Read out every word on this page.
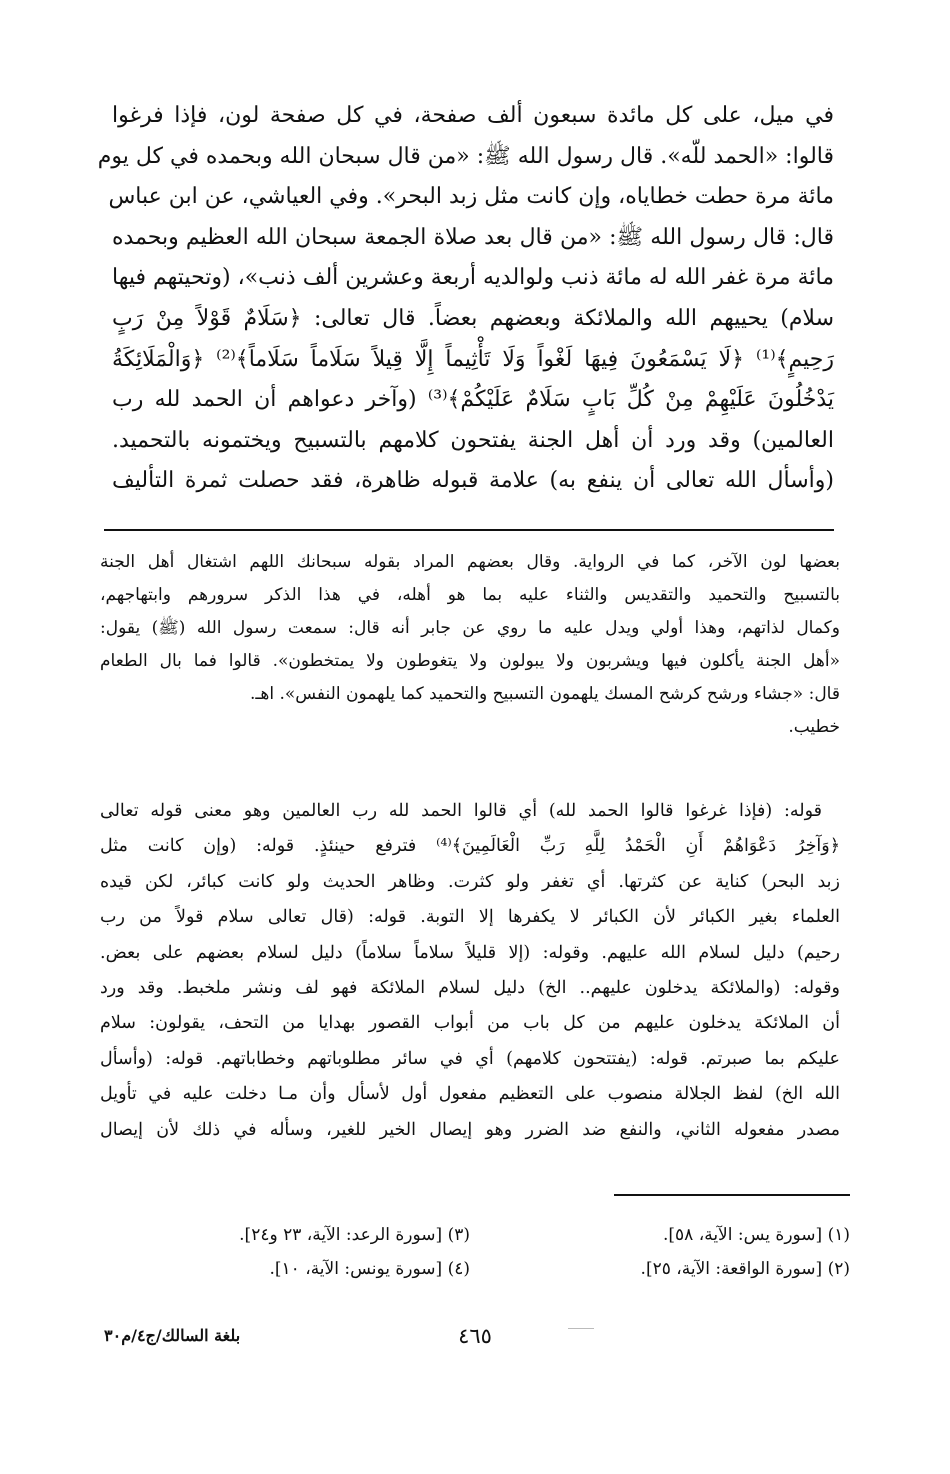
في ميل، على كل مائدة سبعون ألف صفحة، في كل صفحة لون، فإذا فرغوا
قالوا: «الحمد للّه». قال رسول الله ﷺ: «من قال سبحان الله وبحمده في كل يوم
مائة مرة حطت خطاياه، وإن كانت مثل زبد البحر». وفي العياشي، عن ابن عباس
قال: قال رسول الله ﷺ: «من قال بعد صلاة الجمعة سبحان الله العظيم وبحمده
مائة مرة غفر الله له مائة ذنب ولوالديه أربعة وعشرين ألف ذنب»، (وتحيتهم فيها
سلام) يحييهم الله والملائكة وبعضهم بعضاً. قال تعالى: ﴿سَلَامٌ قَوْلاً مِنْ رَبٍ
رَحِيمٍ﴾⁽¹⁾ ﴿لَا يَسْمَعُونَ فِيهَا لَغْواً وَلَا تَأْثِيماً إِلَّا قِيلاً سَلَاماً سَلَاماً﴾⁽²⁾ ﴿وَالْمَلَائِكَةُ
يَدْخُلُونَ عَلَيْهِمْ مِنْ كُلِّ بَابٍ سَلَامٌ عَلَيْكُمْ﴾⁽³⁾ (وآخر دعواهم أن الحمد لله رب
العالمين) وقد ورد أن أهل الجنة يفتحون كلامهم بالتسبيح ويختمونه بالتحميد.
(وأسأل الله تعالى أن ينفع به) علامة قبوله ظاهرة، فقد حصلت ثمرة التأليف
بعضها لون الآخر، كما في الرواية. وقال بعضهم المراد بقوله سبحانك اللهم اشتغال أهل الجنة
بالتسبيح والتحميد والتقديس والثناء عليه بما هو أهله، في هذا الذكر سرورهم وابتهاجهم،
وكمال لذاتهم، وهذا أولي ويدل عليه ما روي عن جابر أنه قال: سمعت رسول الله (ﷺ) يقول:
«أهل الجنة يأكلون فيها ويشربون ولا يبولون ولا يتغوطون ولا يمتخطون». قالوا فما بال الطعام
قال: «جشاء ورشح كرشح المسك يلهمون التسبيح والتحميد كما يلهمون النفس». اهـ.
خطيب.
قوله: (فإذا غرغوا قالوا الحمد لله) أي قالوا الحمد لله رب العالمين وهو معنى قوله تعالى
﴿وَآخِرُ دَعْوَاهُمْ أَنِ الْحَمْدُ لِلَّهِ رَبِّ الْعَالَمِينَ﴾⁽⁴⁾ فترفع حينئذٍ. قوله: (وإن كانت مثل
زبد البحر) كناية عن كثرتها. أي تغفر ولو كثرت. وظاهر الحديث ولو كانت كبائر، لكن قيده
العلماء بغير الكبائر لأن الكبائر لا يكفرها إلا التوبة. قوله: (قال تعالى سلام قولاً من رب
رحيم) دليل لسلام الله عليهم. وقوله: (إلا قليلاً سلاماً سلاماً) دليل لسلام بعضهم على بعض.
وقوله: (والملائكة يدخلون عليهم.. الخ) دليل لسلام الملائكة فهو لف ونشر ملخبط. وقد ورد
أن الملائكة يدخلون عليهم من كل باب من أبواب القصور بهدايا من التحف، يقولون: سلام
عليكم بما صبرتم. قوله: (يفتتحون كلامهم) أي في سائر مطلوباتهم وخطاباتهم. قوله: (وأسأل
الله الخ) لفظ الجلالة منصوب على التعظيم مفعول أول لأسأل وأن مـا دخلت عليه في تأويل
مصدر مفعوله الثاني، والنفع ضد الضرر وهو إيصال الخير للغير، وسأله في ذلك لأن إيصال
(١) [سورة يس: الآية، ٥٨].
(٢) [سورة الواقعة: الآية، ٢٥].
(٣) [سورة الرعد: الآية، ٢٣ و٢٤].
(٤) [سورة يونس: الآية، ١٠].
٤٦٥
بلغة السالك/ج٤/م٣٠
